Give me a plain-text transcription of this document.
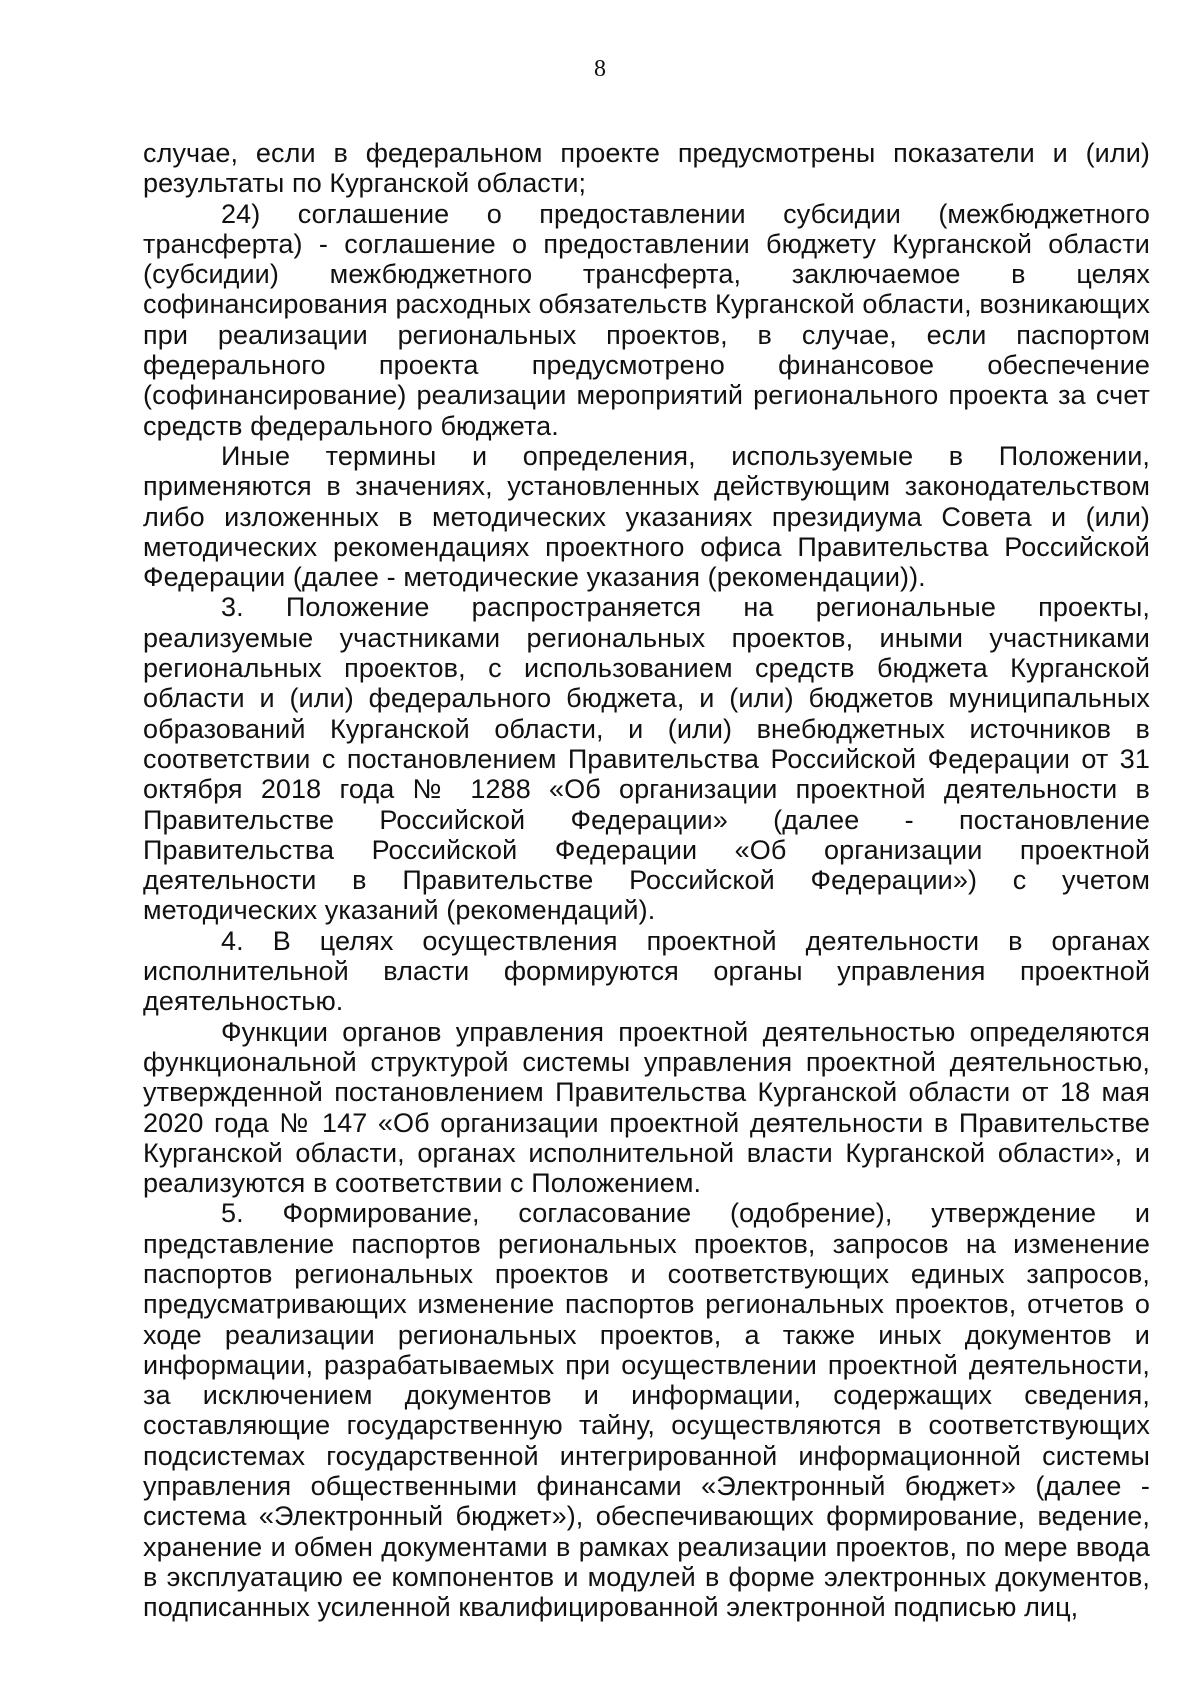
8

случае, если в федеральном проекте предусмотрены показатели и (или) результаты по Курганской области;

24) соглашение о предоставлении субсидии (межбюджетного трансферта) - соглашение о предоставлении бюджету Курганской области (субсидии) межбюджетного трансферта, заключаемое в целях софинансирования расходных обязательств Курганской области, возникающих при реализации региональных проектов, в случае, если паспортом федерального проекта предусмотрено финансовое обеспечение (софинансирование) реализации мероприятий регионального проекта за счет средств федерального бюджета.

Иные термины и определения, используемые в Положении, применяются в значениях, установленных действующим законодательством либо изложенных в методических указаниях президиума Совета и (или) методических рекомендациях проектного офиса Правительства Российской Федерации (далее - методические указания (рекомендации)).

3. Положение распространяется на региональные проекты, реализуемые участниками региональных проектов, иными участниками региональных проектов, с использованием средств бюджета Курганской области и (или) федерального бюджета, и (или) бюджетов муниципальных образований Курганской области, и (или) внебюджетных источников в соответствии с постановлением Правительства Российской Федерации от 31 октября 2018 года № 1288 «Об организации проектной деятельности в Правительстве Российской Федерации» (далее - постановление Правительства Российской Федерации «Об организации проектной деятельности в Правительстве Российской Федерации») с учетом методических указаний (рекомендаций).

4. В целях осуществления проектной деятельности в органах исполнительной власти формируются органы управления проектной деятельностью.

Функции органов управления проектной деятельностью определяются функциональной структурой системы управления проектной деятельностью, утвержденной постановлением Правительства Курганской области от 18 мая 2020 года № 147 «Об организации проектной деятельности в Правительстве Курганской области, органах исполнительной власти Курганской области», и реализуются в соответствии с Положением.

5. Формирование, согласование (одобрение), утверждение и представление паспортов региональных проектов, запросов на изменение паспортов региональных проектов и соответствующих единых запросов, предусматривающих изменение паспортов региональных проектов, отчетов о ходе реализации региональных проектов, а также иных документов и информации, разрабатываемых при осуществлении проектной деятельности, за исключением документов и информации, содержащих сведения, составляющие государственную тайну, осуществляются в соответствующих подсистемах государственной интегрированной информационной системы управления общественными финансами «Электронный бюджет» (далее - система «Электронный бюджет»), обеспечивающих формирование, ведение, хранение и обмен документами в рамках реализации проектов, по мере ввода в эксплуатацию ее компонентов и модулей в форме электронных документов, подписанных усиленной квалифицированной электронной подписью лиц,
